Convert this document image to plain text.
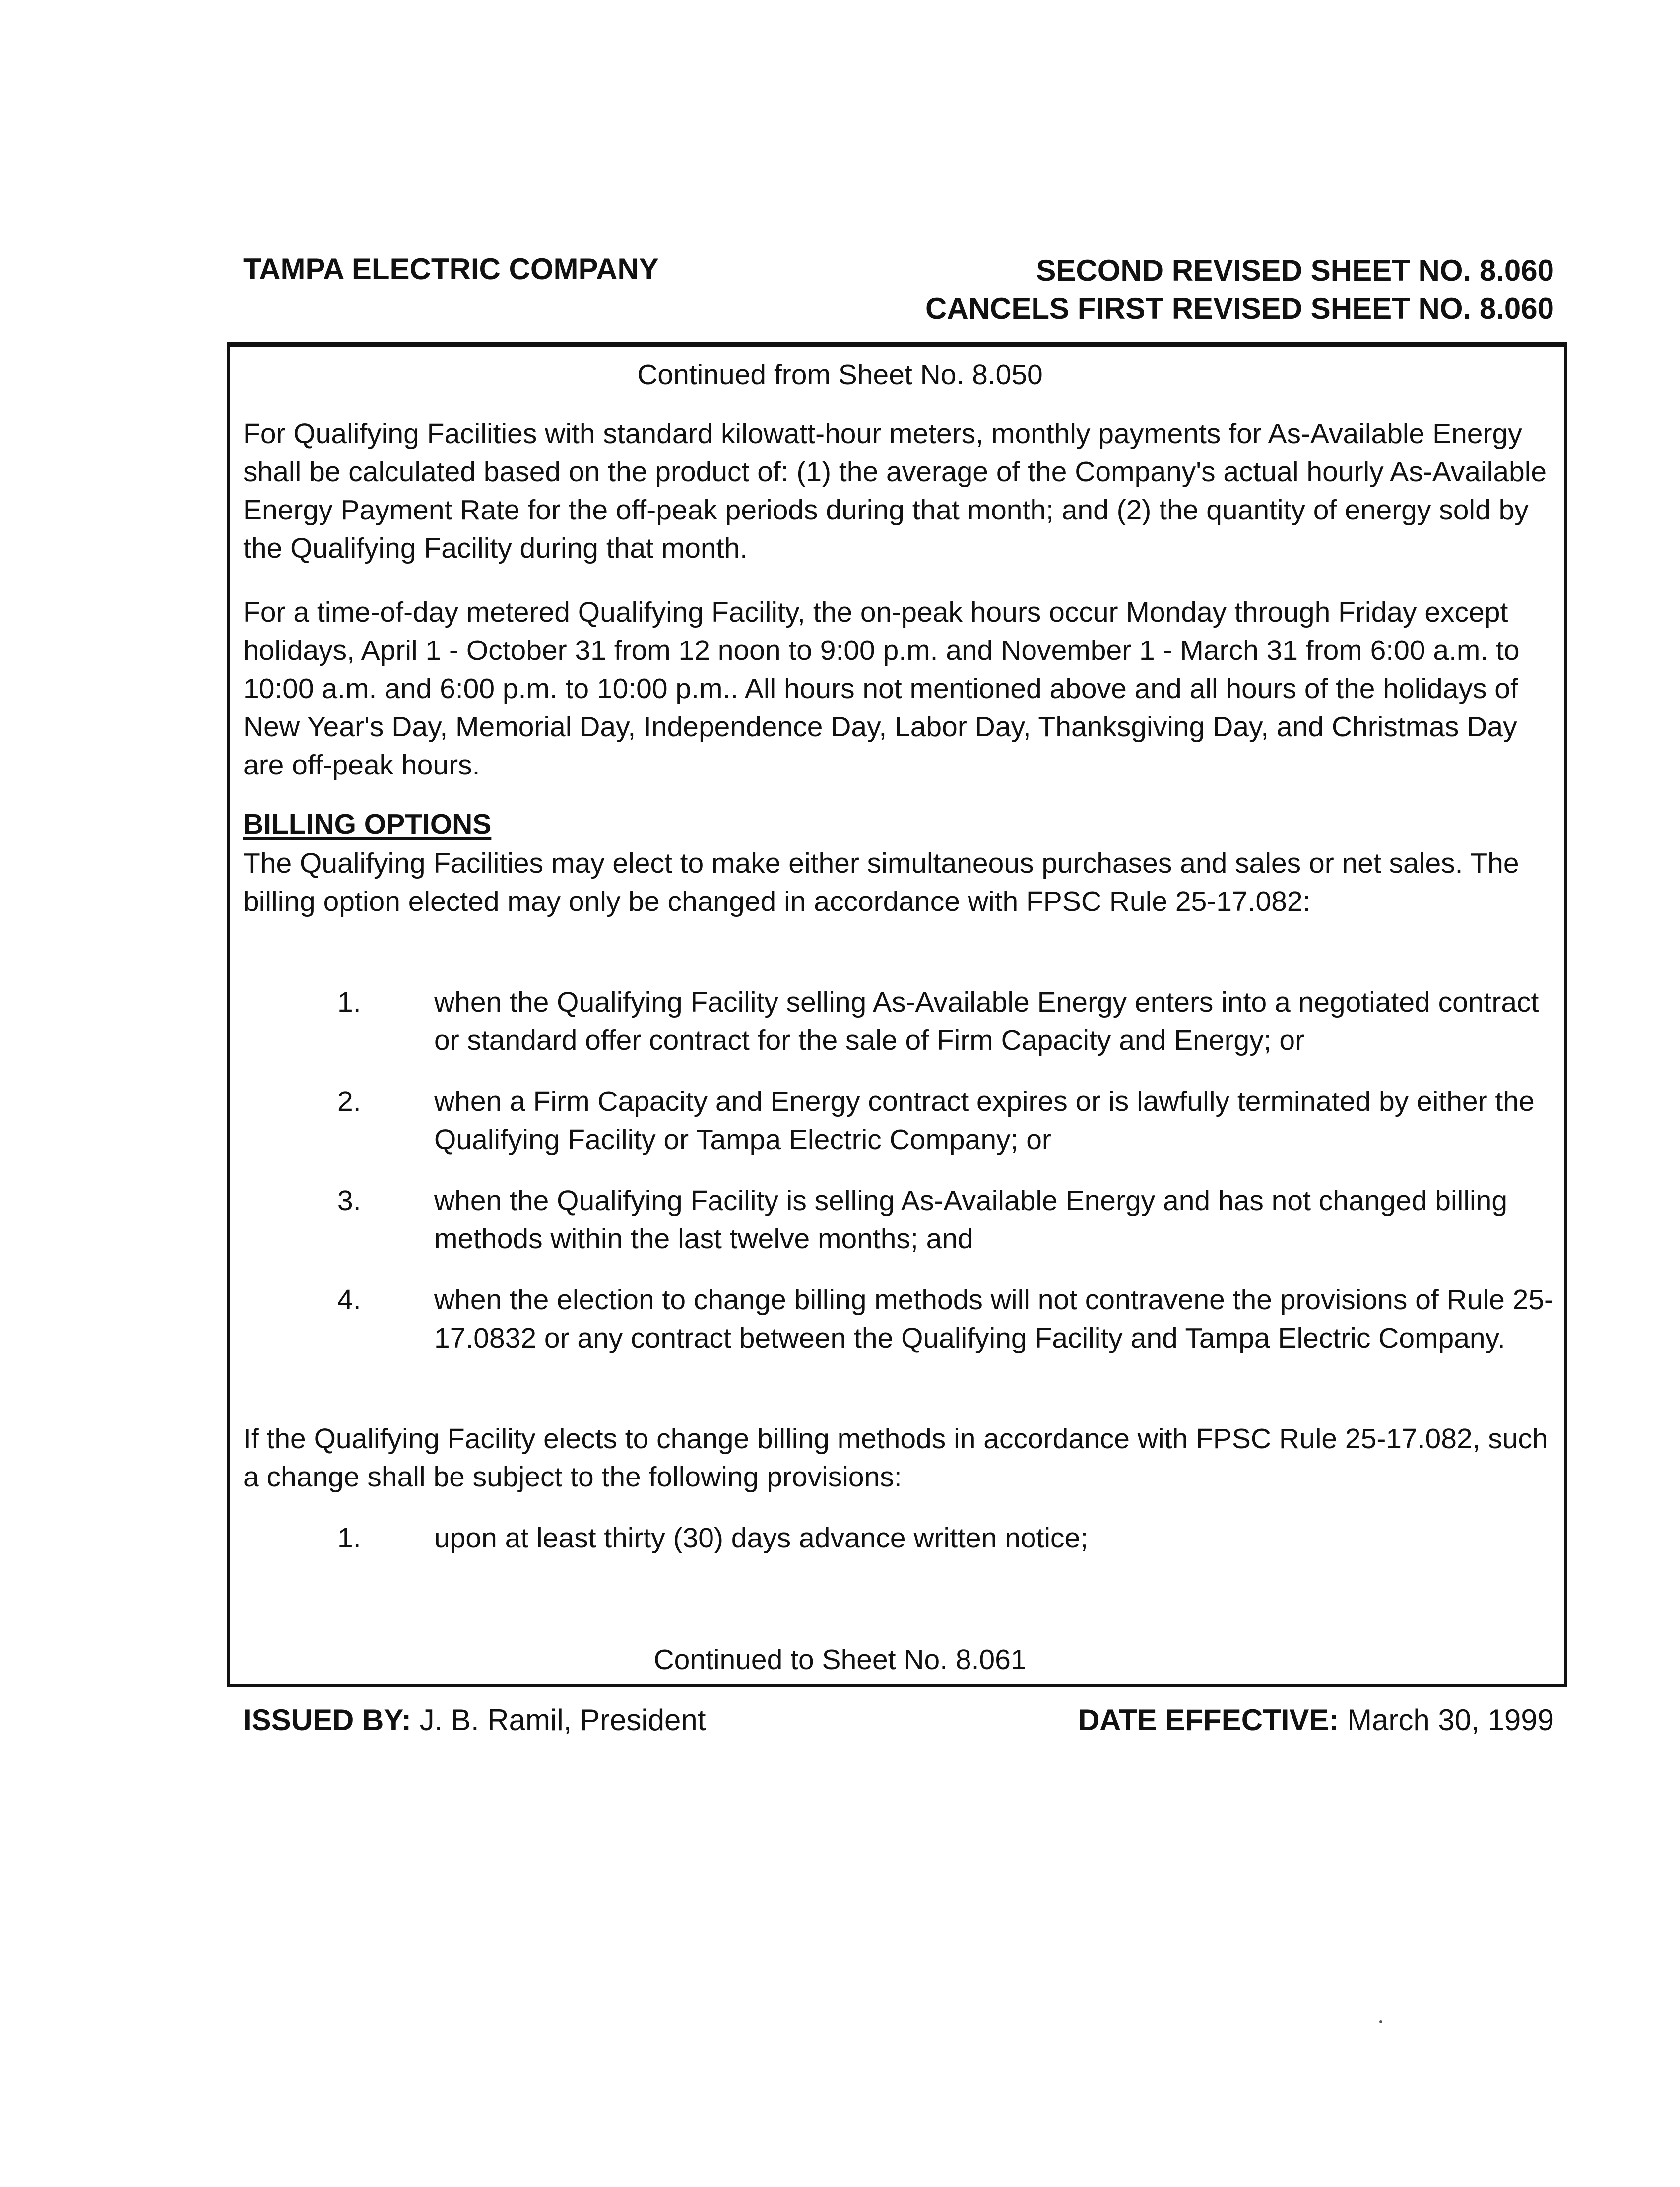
TAMPA ELECTRIC COMPANY	SECOND REVISED SHEET NO. 8.060
CANCELS FIRST REVISED SHEET NO. 8.060
Continued from Sheet No. 8.050
For Qualifying Facilities with standard kilowatt-hour meters, monthly payments for As-Available Energy shall be calculated based on the product of: (1) the average of the Company's actual hourly As-Available Energy Payment Rate for the off-peak periods during that month; and (2) the quantity of energy sold by the Qualifying Facility during that month.
For a time-of-day metered Qualifying Facility, the on-peak hours occur Monday through Friday except holidays, April 1 - October 31 from 12 noon to 9:00 p.m. and November 1 - March 31 from 6:00 a.m. to 10:00 a.m. and 6:00 p.m. to 10:00 p.m.. All hours not mentioned above and all hours of the holidays of New Year's Day, Memorial Day, Independence Day, Labor Day, Thanksgiving Day, and Christmas Day are off-peak hours.
BILLING OPTIONS
The Qualifying Facilities may elect to make either simultaneous purchases and sales or net sales. The billing option elected may only be changed in accordance with FPSC Rule 25-17.082:
1.	when the Qualifying Facility selling As-Available Energy enters into a negotiated contract or standard offer contract for the sale of Firm Capacity and Energy; or
2.	when a Firm Capacity and Energy contract expires or is lawfully terminated by either the Qualifying Facility or Tampa Electric Company; or
3.	when the Qualifying Facility is selling As-Available Energy and has not changed billing methods within the last twelve months; and
4.	when the election to change billing methods will not contravene the provisions of Rule 25-17.0832 or any contract between the Qualifying Facility and Tampa Electric Company.
If the Qualifying Facility elects to change billing methods in accordance with FPSC Rule 25-17.082, such a change shall be subject to the following provisions:
1.	upon at least thirty (30) days advance written notice;
Continued to Sheet No. 8.061
ISSUED BY: J. B. Ramil, President	DATE EFFECTIVE: March 30, 1999
